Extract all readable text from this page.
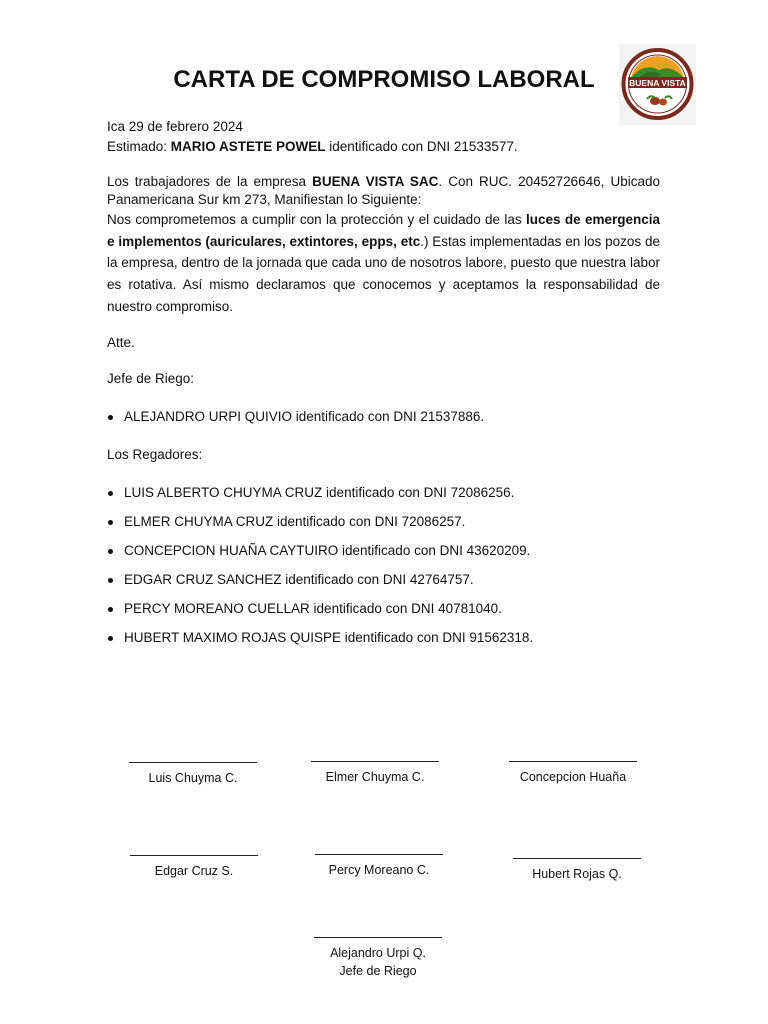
BUENA VISTA
CARTA DE COMPROMISO LABORAL
Ica 29 de febrero 2024
Estimado: MARIO ASTETE POWEL identificado con DNI 21533577.

Los trabajadores de la empresa BUENA VISTA SAC. Con RUC. 20452726646, Ubicado Panamericana Sur km 273, Manifiestan lo Siguiente:

Nos comprometemos a cumplir con la protección y el cuidado de las luces de emergencia e implementos (auriculares, extintores, epps, etc.) Estas implementadas en los pozos de la empresa, dentro de la jornada que cada uno de nosotros labore, puesto que nuestra labor es rotativa. Así mismo declaramos que conocemos y aceptamos la responsabilidad de nuestro compromiso.

Atte.
Jefe de Riego:
ALEJANDRO URPI QUIVIO identificado con DNI 21537886.
Los Regadores:
LUIS ALBERTO CHUYMA CRUZ identificado con DNI 72086256.
ELMER CHUYMA CRUZ identificado con DNI 72086257.
CONCEPCION HUAÑA CAYTUIRO identificado con DNI 43620209.
EDGAR CRUZ SANCHEZ identificado con DNI 42764757.
PERCY MOREANO CUELLAR identificado con DNI 40781040.
HUBERT MAXIMO ROJAS QUISPE identificado con DNI 91562318.
Luis Chuyma C.	Elmer Chuyma C.	Concepcion Huaña
Edgar Cruz S.	Percy Moreano C.	Hubert Rojas Q.
Alejandro Urpi Q.
Jefe de Riego
